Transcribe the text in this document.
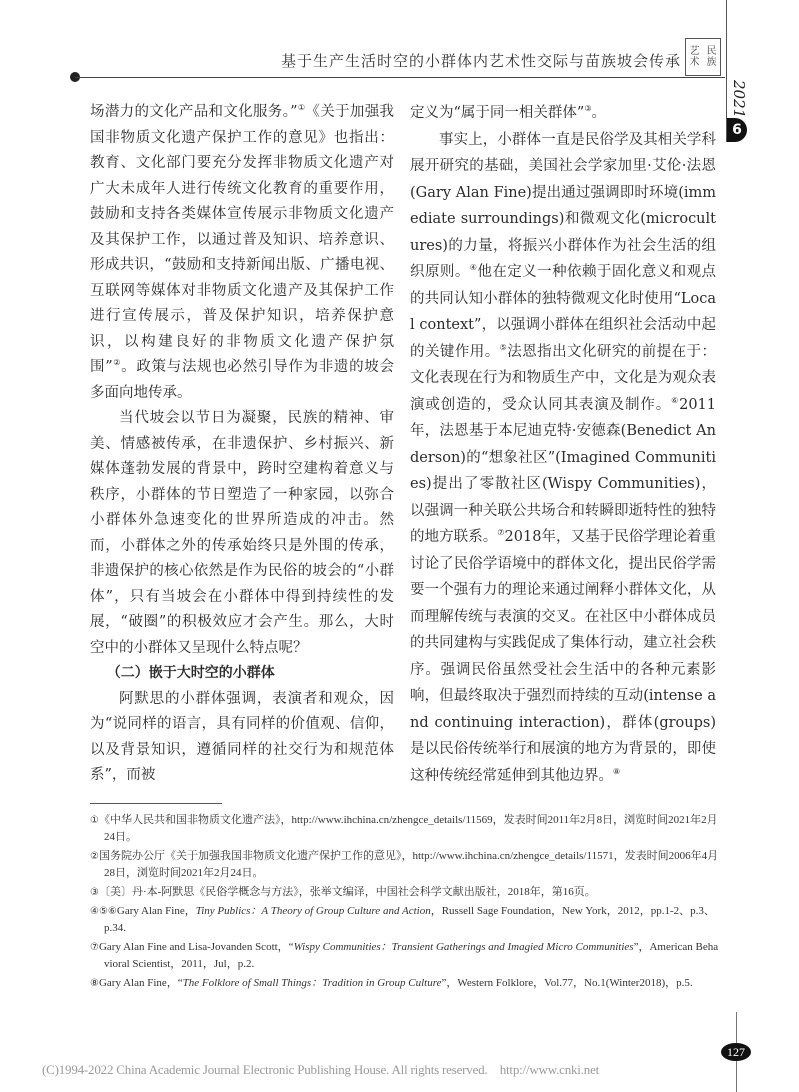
基于生产生活时空的小群体内艺术性交际与苗族坡会传承
艺 民
术 族
2021
6

场潜力的文化产品和文化服务。”①《关于加强我国非物质文化遗产保护工作的意见》也指出：教育、文化部门要充分发挥非物质文化遗产对广大未成年人进行传统文化教育的重要作用，鼓励和支持各类媒体宣传展示非物质文化遗产及其保护工作，以通过普及知识、培养意识、形成共识，“鼓励和支持新闻出版、广播电视、互联网等媒体对非物质文化遗产及其保护工作进行宣传展示，普及保护知识，培养保护意识，以构建良好的非物质文化遗产保护氛围”②。政策与法规也必然引导作为非遗的坡会多面向地传承。

当代坡会以节日为凝聚，民族的精神、审美、情感被传承，在非遗保护、乡村振兴、新媒体蓬勃发展的背景中，跨时空建构着意义与秩序，小群体的节日塑造了一种家园，以弥合小群体外急速变化的世界所造成的冲击。然而，小群体之外的传承始终只是外围的传承，非遗保护的核心依然是作为民俗的坡会的“小群体”，只有当坡会在小群体中得到持续性的发展，“破圈”的积极效应才会产生。那么，大时空中的小群体又呈现什么特点呢？

（二）嵌于大时空的小群体

阿默思的小群体强调，表演者和观众，因为“说同样的语言，具有同样的价值观、信仰，以及背景知识，遵循同样的社交行为和规范体系”，而被

定义为“属于同一相关群体”③。

事实上，小群体一直是民俗学及其相关学科展开研究的基础，美国社会学家加里·艾伦·法恩(Gary Alan Fine)提出通过强调即时环境(immediate surroundings)和微观文化(microcultures)的力量，将振兴小群体作为社会生活的组织原则。④他在定义一种依赖于固化意义和观点的共同认知小群体的独特微观文化时使用“Local context”，以强调小群体在组织社会活动中起的关键作用。⑤法恩指出文化研究的前提在于：文化表现在行为和物质生产中，文化是为观众表演或创造的，受众认同其表演及制作。⑥2011年，法恩基于本尼迪克特·安德森(Benedict Anderson)的“想象社区”(Imagined Communities)提出了零散社区(Wispy Communities)，以强调一种关联公共场合和转瞬即逝特性的独特的地方联系。⑦2018年，又基于民俗学理论着重讨论了民俗学语境中的群体文化，提出民俗学需要一个强有力的理论来通过阐释小群体文化，从而理解传统与表演的交叉。在社区中小群体成员的共同建构与实践促成了集体行动，建立社会秩序。强调民俗虽然受社会生活中的各种元素影响，但最终取决于强烈而持续的互动(intense and continuing interaction)，群体(groups)是以民俗传统举行和展演的地方为背景的，即使这种传统经常延伸到其他边界。⑧

①《中华人民共和国非物质文化遗产法》，http://www.ihchina.cn/zhengce_details/11569，发表时间2011年2月8日，浏览时间2021年2月24日。

②国务院办公厅《关于加强我国非物质文化遗产保护工作的意见》，http://www.ihchina.cn/zhengce_details/11571，发表时间2006年4月28日，浏览时间2021年2月24日。

③〔美〕丹·本-阿默思《民俗学概念与方法》，张举文编译，中国社会科学文献出版社，2018年，第16页。

④⑤⑥Gary Alan Fine，Tiny Publics：A Theory of Group Culture and Action，Russell Sage Foundation，New York，2012，pp.1-2、p.3、p.34.

⑦Gary Alan Fine and Lisa-Jovanden Scott，“Wispy Communities：Transient Gatherings and Imagied Micro Communities”，American Behavioral Scientist，2011，Jul，p.2.

⑧Gary Alan Fine，“The Folklore of Small Things：Tradition in Group Culture”，Western Folklore，Vol.77，No.1(Winter2018)，p.5.

(C)1994-2022 China Academic Journal Electronic Publishing House. All rights reserved. http://www.cnki.net
127
